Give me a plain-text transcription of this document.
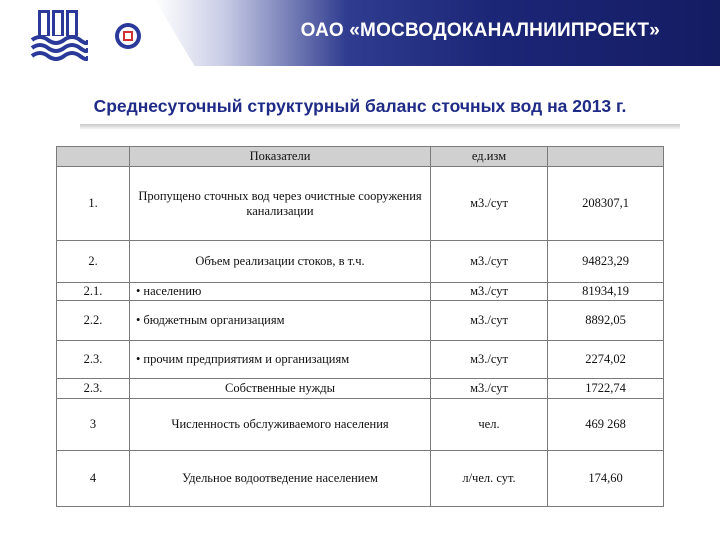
ОАО «МОСВОДОКАНАЛНИИПРОЕКТ»
Среднесуточный структурный баланс сточных вод на 2013 г.
	Показатели	ед.изм	
1.	Пропущено сточных вод через очистные сооружения канализации	м3./сут	208307,1
2.	Объем реализации стоков, в т.ч.	м3./сут	94823,29
2.1.	• населению	м3./сут	81934,19
2.2.	• бюджетным организациям	м3./сут	8892,05
2.3.	• прочим предприятиям и организациям	м3./сут	2274,02
2.3.	Собственные нужды	м3./сут	1722,74
3	Численность обслуживаемого населения	чел.	469 268
4	Удельное водоотведение населением	л/чел. сут.	174,60
